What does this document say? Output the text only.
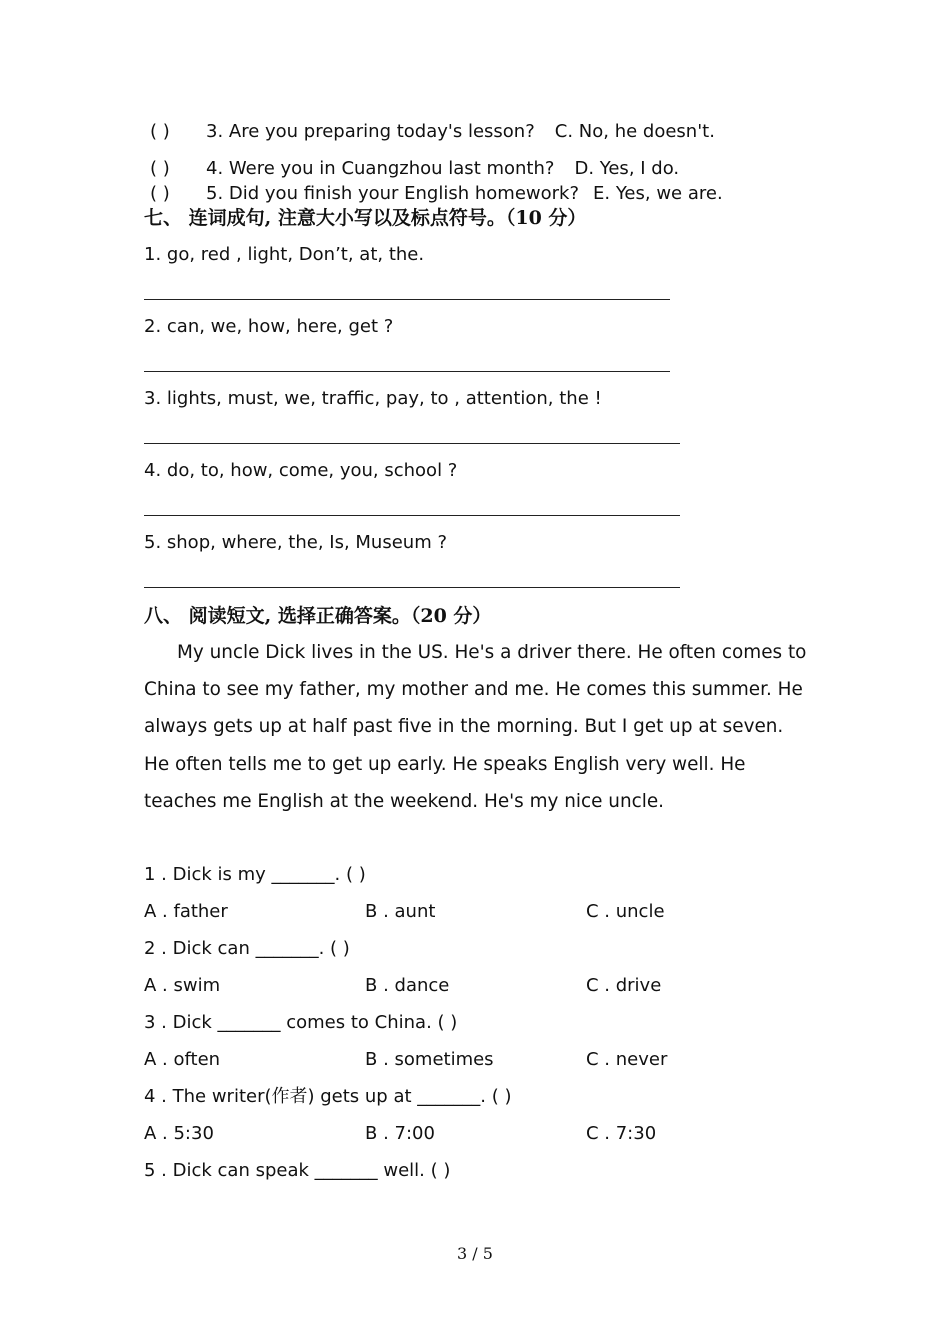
( ) 3. Are you preparing today's lesson? C. No, he doesn't.
( ) 4. Were you in Cuangzhou last month? D. Yes, I do.
( ) 5. Did you finish your English homework? E. Yes, we are.
七、 连词成句, 注意大小写以及标点符号。（10 分）
1. go, red , light, Don’t, at, the.
2. can, we, how, here, get ?
3. lights, must, we, traffic, pay, to , attention, the !
4. do, to, how, come, you, school ?
5. shop, where, the, Is, Museum ?
八、 阅读短文, 选择正确答案。（20 分）

My uncle Dick lives in the US. He's a driver there. He often comes to China to see my father, my mother and me. He comes this summer. He always gets up at half past five in the morning. But I get up at seven. He often tells me to get up early. He speaks English very well. He teaches me English at the weekend. He's my nice uncle.

1 . Dick is my _______. ( )
A . father	B . aunt	C . uncle
2 . Dick can _______. ( )
A . swim	B . dance	C . drive
3 . Dick _______ comes to China. ( )
A . often	B . sometimes	C . never
4 . The writer(作者) gets up at _______. ( )
A . 5:30	B . 7:00	C . 7:30
5 . Dick can speak _______ well. ( )
3 / 5
